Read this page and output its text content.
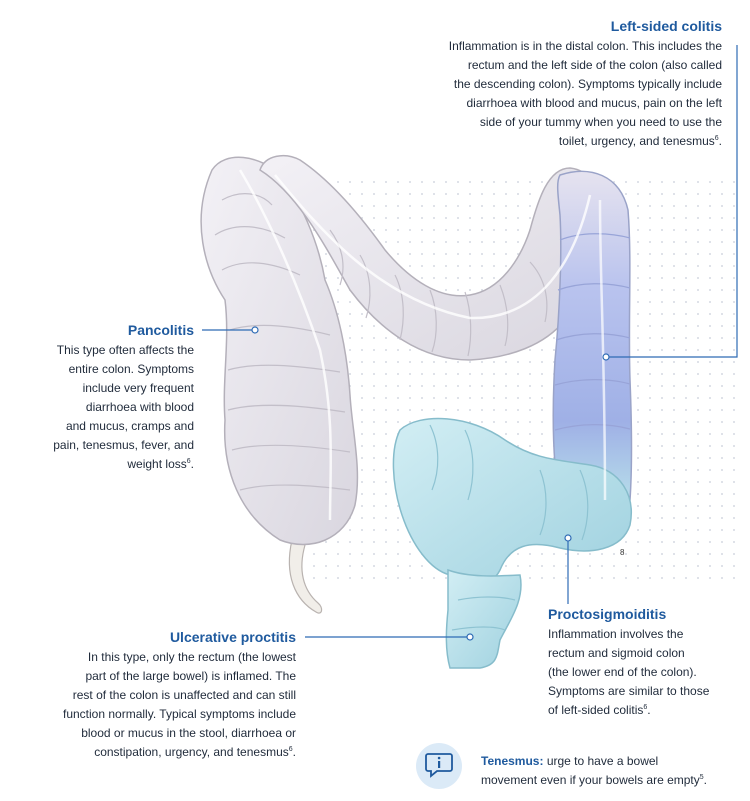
8
Left-sided colitis
Inflammation is in the distal colon. This includes the
rectum and the left side of the colon (also called
the descending colon). Symptoms typically include
diarrhoea with blood and mucus, pain on the left
side of your tummy when you need to use the
toilet, urgency, and tenesmus$^6$.
Pancolitis
This type often affects the
entire colon. Symptoms
include very frequent
diarrhoea with blood
and mucus, cramps and
pain, tenesmus, fever, and
weight loss$^6$.
Proctosigmoiditis
Inflammation involves the
rectum and sigmoid colon
(the lower end of the colon).
Symptoms are similar to those
of left-sided colitis$^6$.
Ulcerative proctitis
In this type, only the rectum (the lowest
part of the large bowel) is inflamed. The
rest of the colon is unaffected and can still
function normally. Typical symptoms include
blood or mucus in the stool, diarrhoea or
constipation, urgency, and tenesmus$^6$.
Tenesmus: urge to have a bowel
movement even if your bowels are empty$^5$.
